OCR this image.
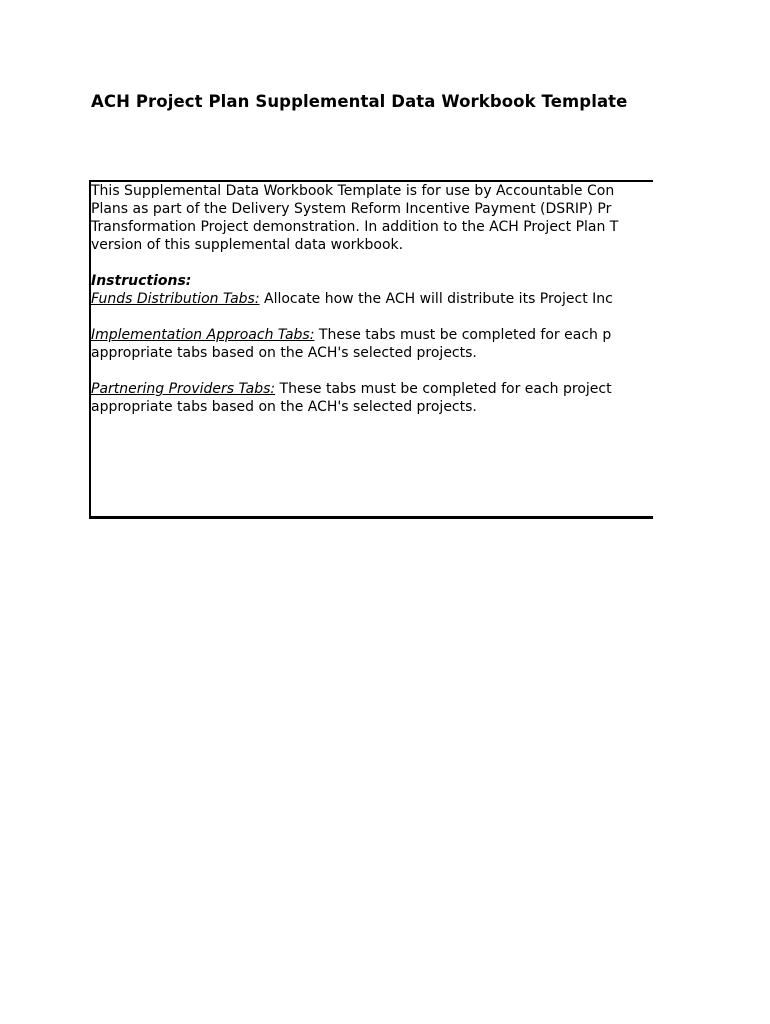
ACH Project Plan Supplemental Data Workbook Template
This Supplemental Data Workbook Template is for use by Accountable Con
Plans as part of the Delivery System Reform Incentive Payment (DSRIP) Pr
Transformation Project demonstration. In addition to the ACH Project Plan T
version of this supplemental data workbook.
Instructions:
Funds Distribution Tabs: Allocate how the ACH will distribute its Project Inc
Implementation Approach Tabs: These tabs must be completed for each p
appropriate tabs based on the ACH's selected projects.
Partnering Providers Tabs: These tabs must be completed for each project
appropriate tabs based on the ACH's selected projects.
